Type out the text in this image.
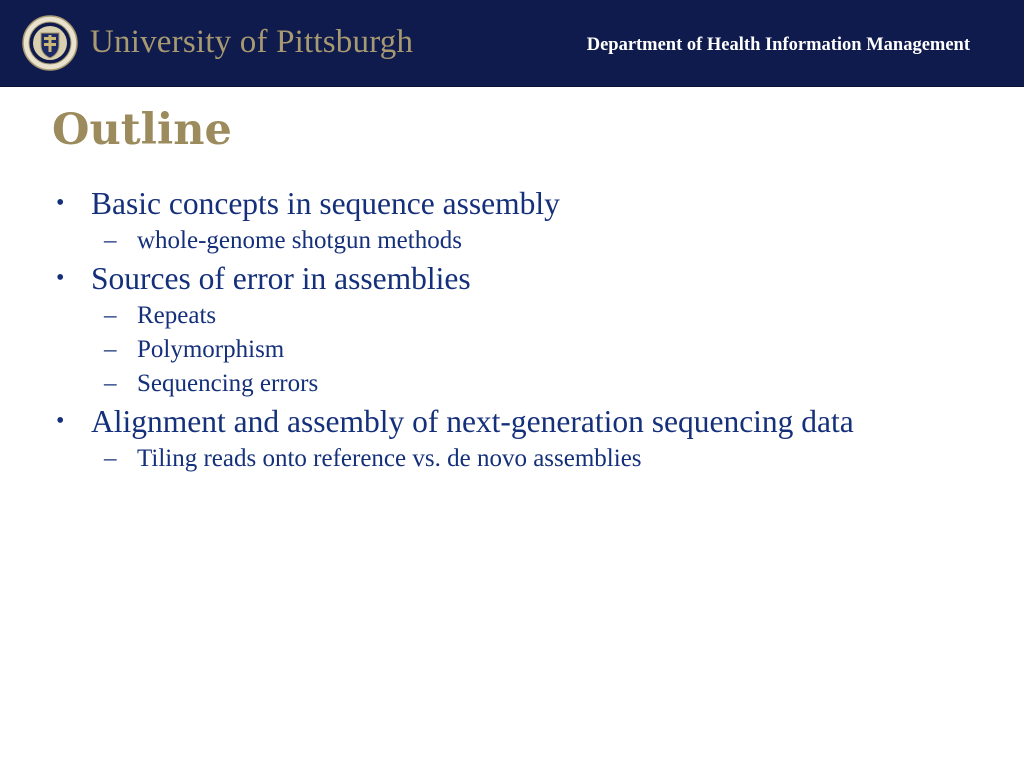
University of Pittsburgh	Department of Health Information Management
Outline
• Basic concepts in sequence assembly
– whole-genome shotgun methods
• Sources of error in assemblies
– Repeats
– Polymorphism
– Sequencing errors
• Alignment and assembly of next-generation sequencing data
– Tiling reads onto reference vs. de novo assemblies
